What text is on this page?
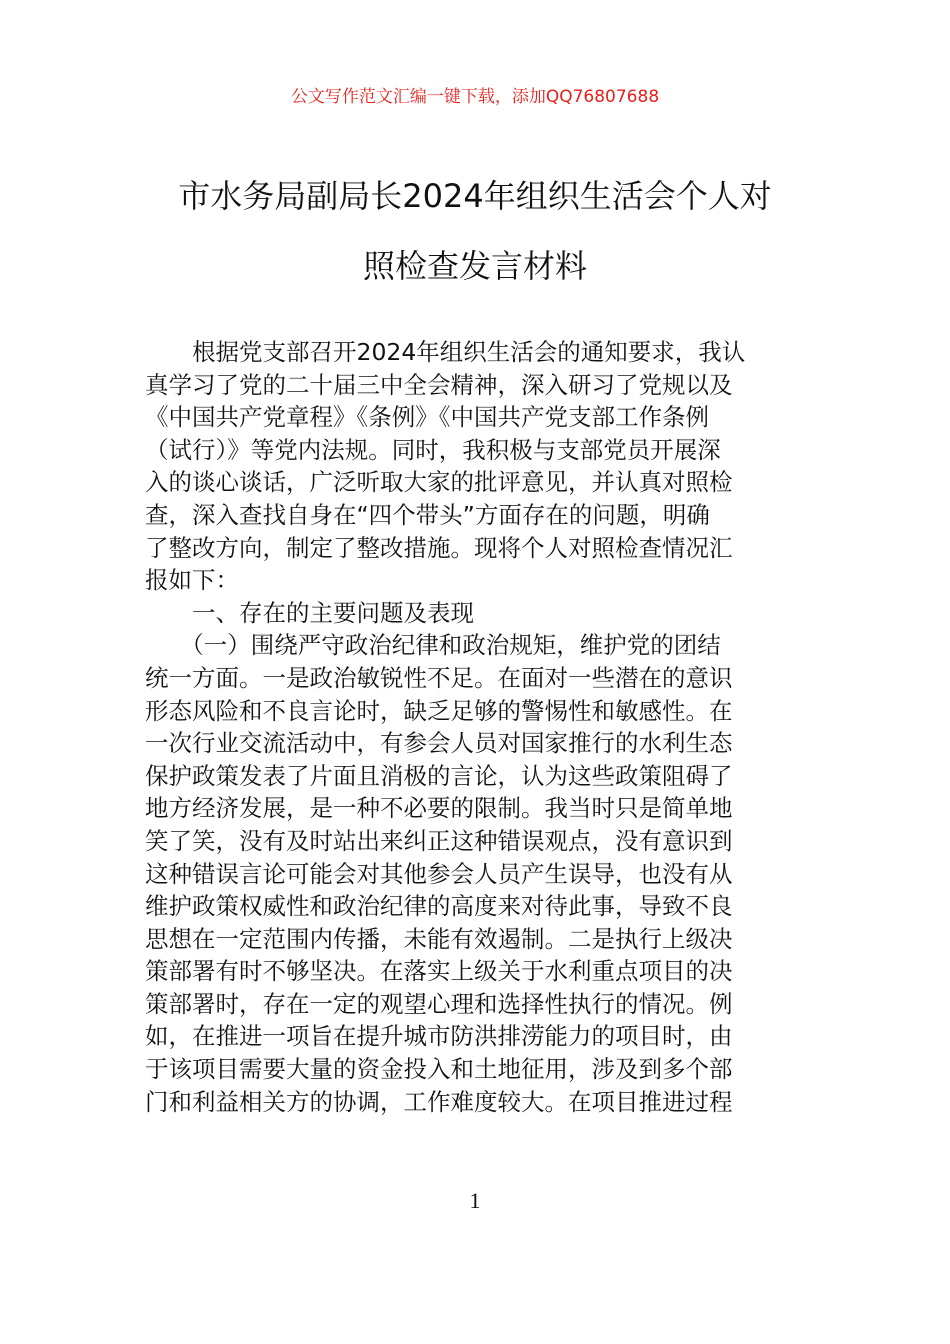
公文写作范文汇编一键下载，添加QQ76807688
市水务局副局长2024年组织生活会个人对
照检查发言材料
　　根据党支部召开2024年组织生活会的通知要求，我认
真学习了党的二十届三中全会精神，深入研习了党规以及
《中国共产党章程》《条例》《中国共产党支部工作条例
（试行）》等党内法规。同时，我积极与支部党员开展深
入的谈心谈话，广泛听取大家的批评意见，并认真对照检
查，深入查找自身在“四个带头”方面存在的问题，明确
了整改方向，制定了整改措施。现将个人对照检查情况汇
报如下：
　　一、存在的主要问题及表现
　　（一）围绕严守政治纪律和政治规矩，维护党的团结
统一方面。一是政治敏锐性不足。在面对一些潜在的意识
形态风险和不良言论时，缺乏足够的警惕性和敏感性。在
一次行业交流活动中，有参会人员对国家推行的水利生态
保护政策发表了片面且消极的言论，认为这些政策阻碍了
地方经济发展，是一种不必要的限制。我当时只是简单地
笑了笑，没有及时站出来纠正这种错误观点，没有意识到
这种错误言论可能会对其他参会人员产生误导，也没有从
维护政策权威性和政治纪律的高度来对待此事，导致不良
思想在一定范围内传播，未能有效遏制。二是执行上级决
策部署有时不够坚决。在落实上级关于水利重点项目的决
策部署时，存在一定的观望心理和选择性执行的情况。例
如，在推进一项旨在提升城市防洪排涝能力的项目时，由
于该项目需要大量的资金投入和土地征用，涉及到多个部
门和利益相关方的协调，工作难度较大。在项目推进过程
1
